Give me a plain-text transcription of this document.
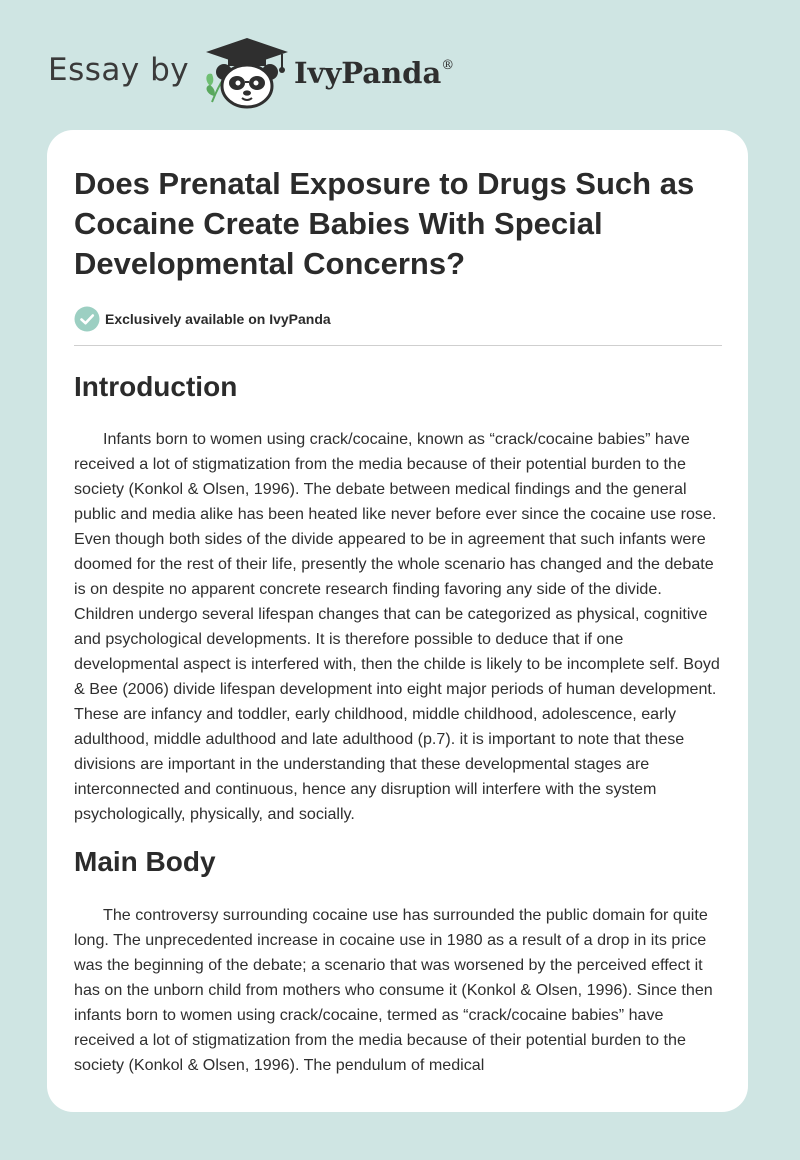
Essay by	IvyPanda®
Does Prenatal Exposure to Drugs Such as Cocaine Create Babies With Special Developmental Concerns?
Exclusively available on IvyPanda
Introduction

Infants born to women using crack/cocaine, known as “crack/cocaine babies” have received a lot of stigmatization from the media because of their potential burden to the society (Konkol & Olsen, 1996). The debate between medical findings and the general public and media alike has been heated like never before ever since the cocaine use rose. Even though both sides of the divide appeared to be in agreement that such infants were doomed for the rest of their life, presently the whole scenario has changed and the debate is on despite no apparent concrete research finding favoring any side of the divide. Children undergo several lifespan changes that can be categorized as physical, cognitive and psychological developments. It is therefore possible to deduce that if one developmental aspect is interfered with, then the childe is likely to be incomplete self. Boyd & Bee (2006) divide lifespan development into eight major periods of human development. These are infancy and toddler, early childhood, middle childhood, adolescence, early adulthood, middle adulthood and late adulthood (p.7). it is important to note that these divisions are important in the understanding that these developmental stages are interconnected and continuous, hence any disruption will interfere with the system psychologically, physically, and socially.

Main Body

The controversy surrounding cocaine use has surrounded the public domain for quite long. The unprecedented increase in cocaine use in 1980 as a result of a drop in its price was the beginning of the debate; a scenario that was worsened by the perceived effect it has on the unborn child from mothers who consume it (Konkol & Olsen, 1996). Since then infants born to women using crack/cocaine, termed as “crack/cocaine babies” have received a lot of stigmatization from the media because of their potential burden to the society (Konkol & Olsen, 1996). The pendulum of medical
